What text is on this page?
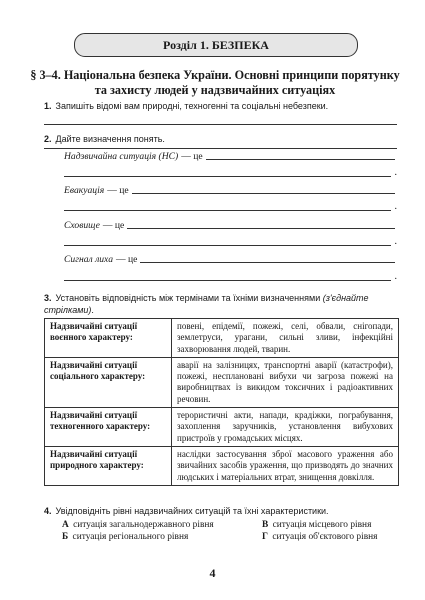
Розділ 1. БЕЗПЕКА
§ 3–4. Національна безпека України. Основні принципи порятунку та захисту людей у надзвичайних ситуаціях
1. Запишіть відомі вам природні, техногенні та соціальні небезпеки.
2. Дайте визначення понять.
Надзвичайна ситуація (НС) — це
.
Евакуація — це
.
Сховище — це
.
Сигнал лиха — це
.
3. Установіть відповідність між термінами та їхніми визначеннями (з'єднайте стрілками).
Надзвичайні ситуації воєнного характеру:	повені, епідемії, пожежі, селі, обвали, снігопади, землетруси, урагани, сильні зливи, інфекційні захворювання людей, тварин.
Надзвичайні ситуації соціального характеру:	аварії на залізницях, транспортні аварії (катастрофи), пожежі, несплановані вибухи чи загроза пожежі на виробництвах із викидом токсичних і радіоактивних речовин.
Надзвичайні ситуації техногенного характеру:	терористичні акти, напади, крадіжки, пограбування, захоплення заручників, установлення вибухових пристроїв у громадських місцях.
Надзвичайні ситуації природного характеру:	наслідки застосування зброї масового ураження або звичайних засобів ураження, що призводять до значних людських і матеріальних втрат, знищення довкілля.
4. Увідповідніть рівні надзвичайних ситуацій та їхні характеристики.
А ситуація загальнодержавного рівня	В ситуація місцевого рівня
Б ситуація регіонального рівня	Г ситуація об'єктового рівня
4
